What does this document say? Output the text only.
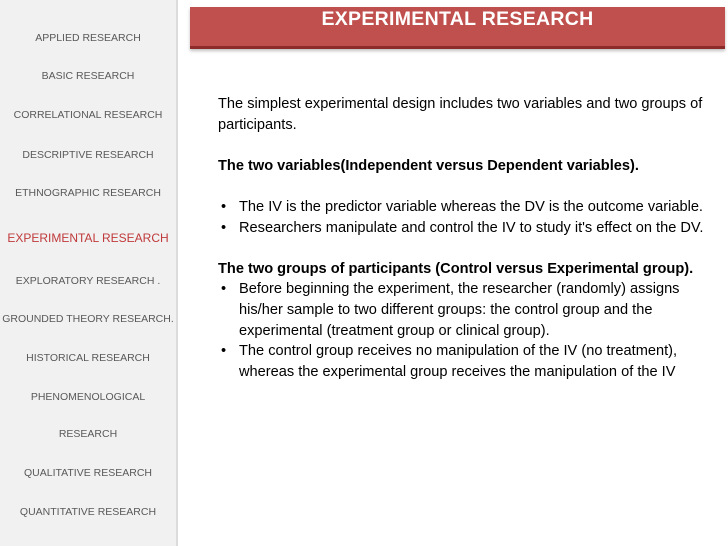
APPLIED RESEARCH
BASIC RESEARCH
CORRELATIONAL RESEARCH
DESCRIPTIVE RESEARCH
ETHNOGRAPHIC RESEARCH
EXPERIMENTAL RESEARCH
EXPLORATORY RESEARCH .
GROUNDED THEORY RESEARCH.
HISTORICAL RESEARCH
PHENOMENOLOGICAL
RESEARCH
QUALITATIVE RESEARCH
QUANTITATIVE RESEARCH
EXPERIMENTAL RESEARCH

The simplest experimental design includes two variables and two groups of participants.

The two variables(Independent versus Dependent variables).

• The IV is the predictor variable whereas the DV is the outcome variable.
• Researchers manipulate and control the IV to study it's effect on the DV.

The two groups of participants (Control versus Experimental group).

• Before beginning the experiment, the researcher (randomly) assigns his/her sample to two different groups: the control group and the experimental (treatment group or clinical group).
• The control group receives no manipulation of the IV (no treatment), whereas the experimental group receives the manipulation of the IV
